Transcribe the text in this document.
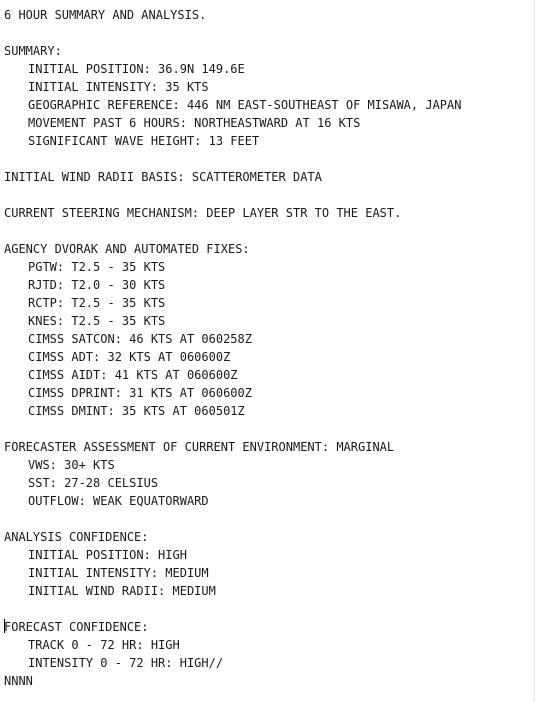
6 HOUR SUMMARY AND ANALYSIS.
SUMMARY:
INITIAL POSITION: 36.9N 149.6E
INITIAL INTENSITY: 35 KTS
GEOGRAPHIC REFERENCE: 446 NM EAST-SOUTHEAST OF MISAWA, JAPAN
MOVEMENT PAST 6 HOURS: NORTHEASTWARD AT 16 KTS
SIGNIFICANT WAVE HEIGHT: 13 FEET
INITIAL WIND RADII BASIS: SCATTEROMETER DATA
CURRENT STEERING MECHANISM: DEEP LAYER STR TO THE EAST.
AGENCY DVORAK AND AUTOMATED FIXES:
PGTW: T2.5 - 35 KTS
RJTD: T2.0 - 30 KTS
RCTP: T2.5 - 35 KTS
KNES: T2.5 - 35 KTS
CIMSS SATCON: 46 KTS AT 060258Z
CIMSS ADT: 32 KTS AT 060600Z
CIMSS AIDT: 41 KTS AT 060600Z
CIMSS DPRINT: 31 KTS AT 060600Z
CIMSS DMINT: 35 KTS AT 060501Z
FORECASTER ASSESSMENT OF CURRENT ENVIRONMENT: MARGINAL
VWS: 30+ KTS
SST: 27-28 CELSIUS
OUTFLOW: WEAK EQUATORWARD
ANALYSIS CONFIDENCE:
INITIAL POSITION: HIGH
INITIAL INTENSITY: MEDIUM
INITIAL WIND RADII: MEDIUM
FORECAST CONFIDENCE:
TRACK 0 - 72 HR: HIGH
INTENSITY 0 - 72 HR: HIGH//
NNNN
